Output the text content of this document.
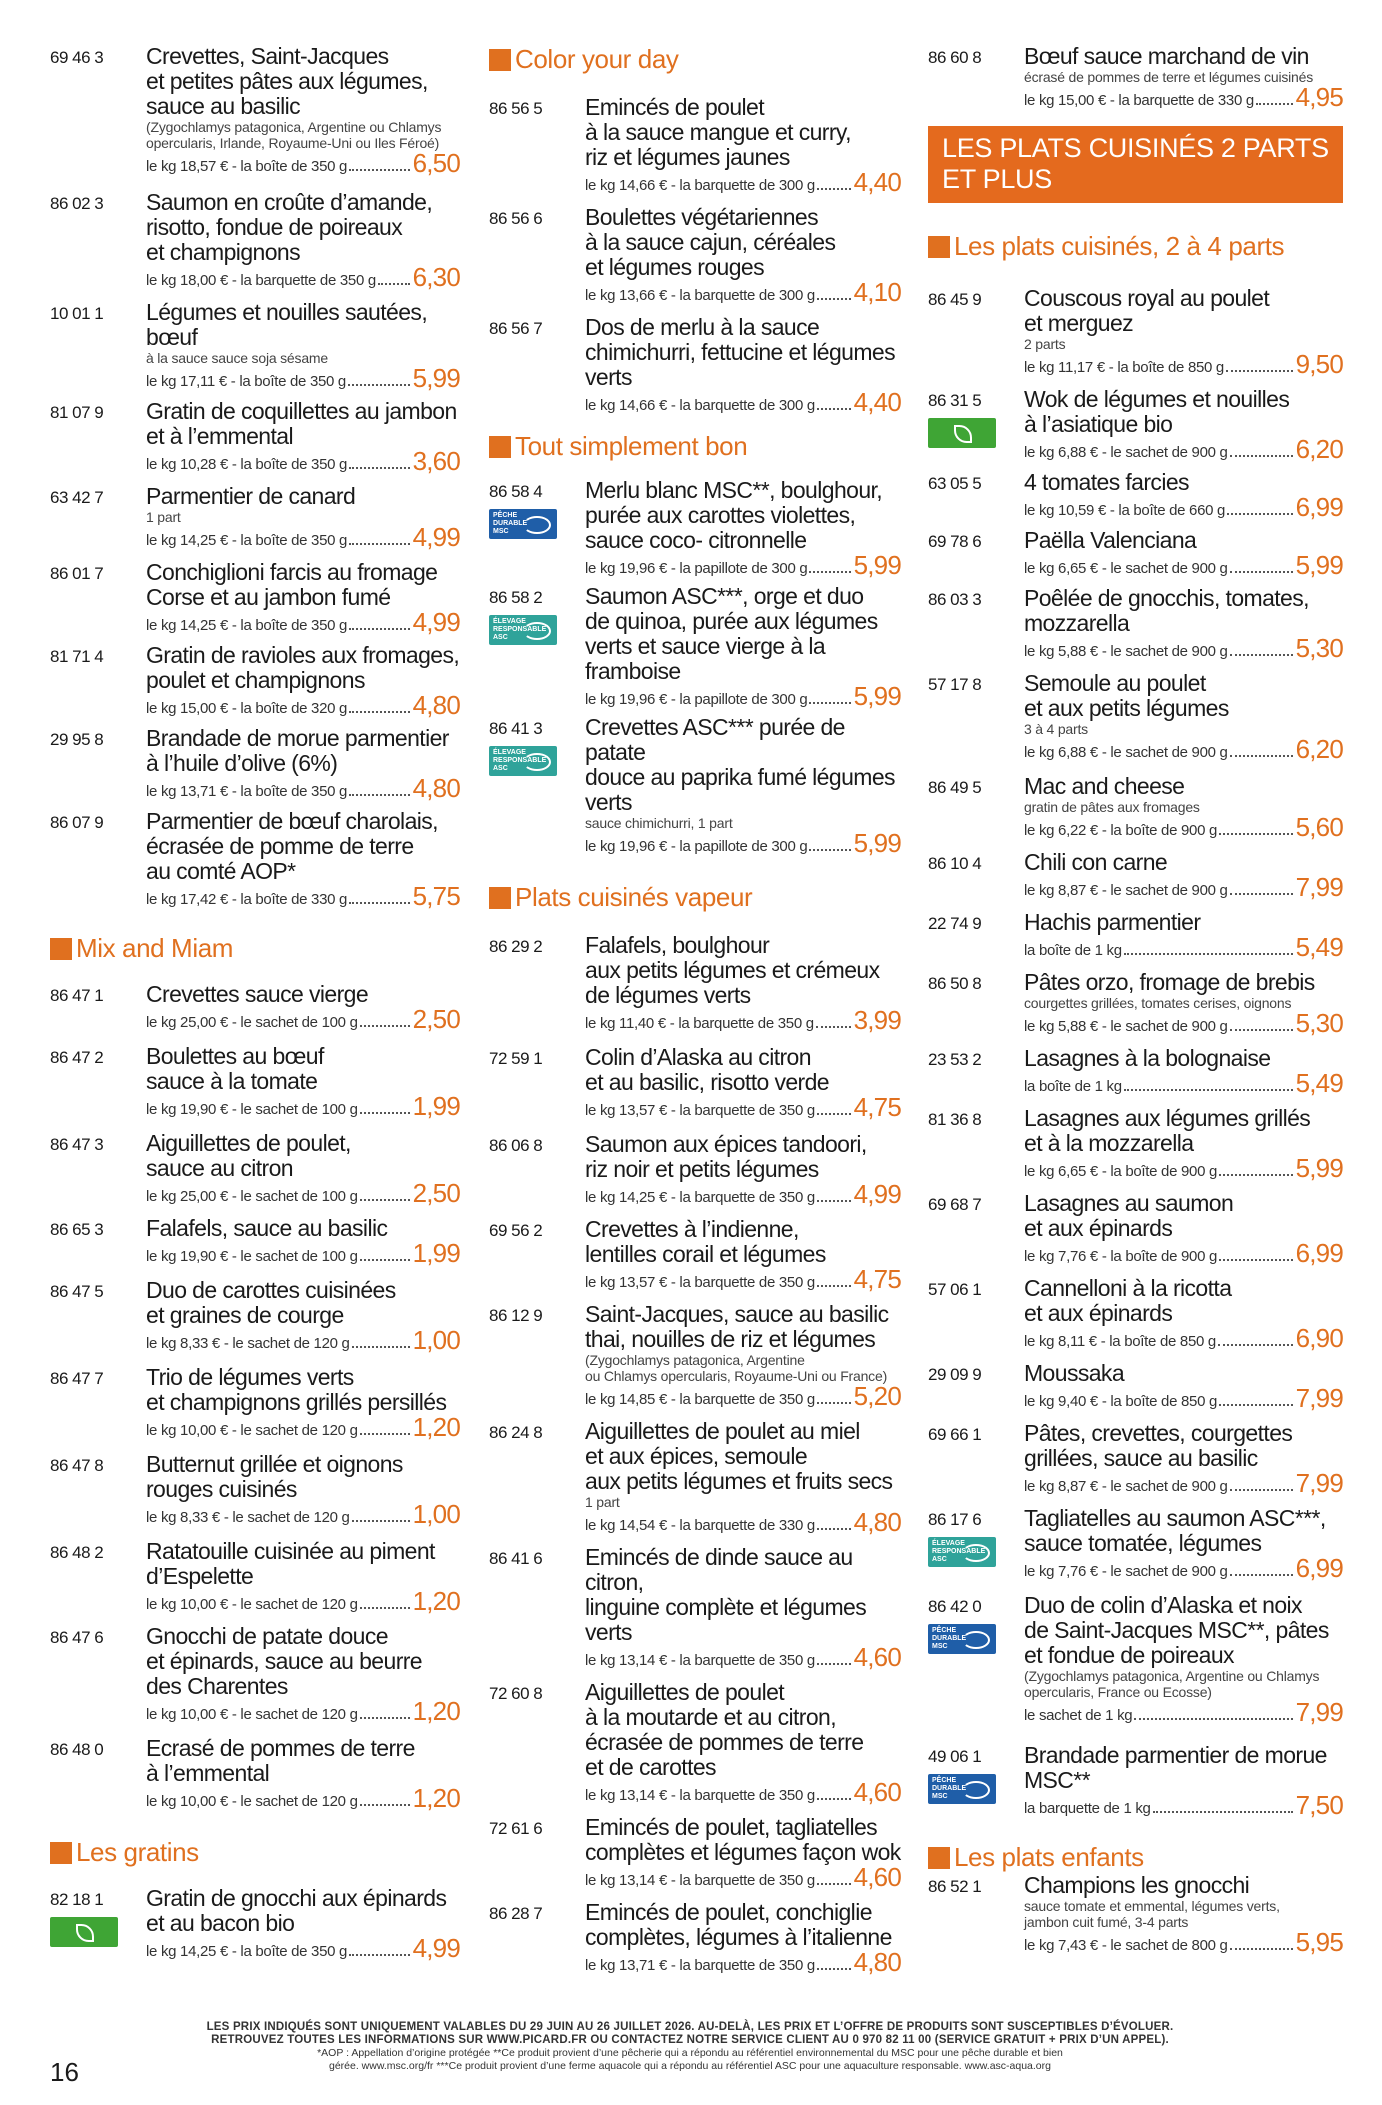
69 46 3	Crevettes, Saint-Jacques
et petites pâtes aux légumes,
sauce au basilic
(Zygochlamys patagonica, Argentine ou Chlamys
opercularis, Irlande, Royaume-Uni ou Iles Féroé)
le kg 18,57 € - la boîte de 350 g	6,50
86 02 3	Saumon en croûte d’amande,
risotto, fondue de poireaux
et champignons
le kg 18,00 € - la barquette de 350 g 6,30
10 01 1	Légumes et nouilles sautées, bœuf
à la sauce sauce soja sésame
le kg 17,11 € - la boîte de 350 g	5,99
81 07 9	Gratin de coquillettes au jambon
et à l’emmental
le kg 10,28 € - la boîte de 350 g	3,60
63 42 7	Parmentier de canard
1 part
le kg 14,25 € - la boîte de 350 g	4,99
86 01 7	Conchiglioni farcis au fromage
Corse et au jambon fumé
le kg 14,25 € - la boîte de 350 g	4,99
81 71 4	Gratin de ravioles aux fromages,
poulet et champignons
le kg 15,00 € - la boîte de 320 g	4,80
29 95 8	Brandade de morue parmentier
à l’huile d’olive (6%)
le kg 13,71 € - la boîte de 350 g	4,80
86 07 9	Parmentier de bœuf charolais,
écrasée de pomme de terre
au comté AOP*
le kg 17,42 € - la boîte de 330 g	5,75
Mix and Miam
86 47 1	Crevettes sauce vierge
le kg 25,00 € - le sachet de 100 g 2,50
86 47 2	Boulettes au bœuf
sauce à la tomate
le kg 19,90 € - le sachet de 100 g 1,99
86 47 3	Aiguillettes de poulet,
sauce au citron
le kg 25,00 € - le sachet de 100 g 2,50
86 65 3	Falafels, sauce au basilic
le kg 19,90 € - le sachet de 100 g 1,99
86 47 5	Duo de carottes cuisinées
et graines de courge
le kg 8,33 € - le sachet de 120 g 1,00
86 47 7	Trio de légumes verts
et champignons grillés persillés
le kg 10,00 € - le sachet de 120 g 1,20
86 47 8	Butternut grillée et oignons
rouges cuisinés
le kg 8,33 € - le sachet de 120 g 1,00
86 48 2	Ratatouille cuisinée au piment
d’Espelette
le kg 10,00 € - le sachet de 120 g 1,20
86 47 6	Gnocchi de patate douce
et épinards, sauce au beurre
des Charentes
le kg 10,00 € - le sachet de 120 g 1,20
86 48 0	Ecrasé de pommes de terre
à l’emmental
le kg 10,00 € - le sachet de 120 g 1,20
Les gratins
82 18 1	Gratin de gnocchi aux épinards
et au bacon bio
le kg 14,25 € - la boîte de 350 g	4,99
Color your day
86 56 5	Emincés de poulet
à la sauce mangue et curry,
riz et légumes jaunes
le kg 14,66 € - la barquette de 300 g 4,40
86 56 6	Boulettes végétariennes
à la sauce cajun, céréales
et légumes rouges
le kg 13,66 € - la barquette de 300 g 4,10
86 56 7	Dos de merlu à la sauce
chimichurri, fettucine et légumes
verts
le kg 14,66 € - la barquette de 300 g 4,40
Tout simplement bon
86 58 4
PÊCHE
DURABLE
MSC
Merlu blanc MSC**, boulghour,
purée aux carottes violettes,
sauce coco- citronnelle
le kg 19,96 € - la papillote de 300 g 5,99
86 58 2
ÉLEVAGE
RESPONSABLE
ASC
Saumon ASC***, orge et duo
de quinoa, purée aux légumes
verts et sauce vierge à la
framboise
le kg 19,96 € - la papillote de 300 g 5,99
86 41 3
ÉLEVAGE
RESPONSABLE
ASC
Crevettes ASC*** purée de patate
douce au paprika fumé légumes
verts
sauce chimichurri, 1 part
le kg 19,96 € - la papillote de 300 g 5,99
Plats cuisinés vapeur
86 29 2	Falafels, boulghour
aux petits légumes et crémeux
de légumes verts
le kg 11,40 € - la barquette de 350 g 3,99
72 59 1	Colin d’Alaska au citron
et au basilic, risotto verde
le kg 13,57 € - la barquette de 350 g 4,75
86 06 8	Saumon aux épices tandoori,
riz noir et petits légumes
le kg 14,25 € - la barquette de 350 g 4,99
69 56 2	Crevettes à l’indienne,
lentilles corail et légumes
le kg 13,57 € - la barquette de 350 g 4,75
86 12 9	Saint-Jacques, sauce au basilic
thai, nouilles de riz et légumes
(Zygochlamys patagonica, Argentine
ou Chlamys opercularis, Royaume-Uni ou France)
le kg 14,85 € - la barquette de 350 g 5,20
86 24 8	Aiguillettes de poulet au miel
et aux épices, semoule
aux petits légumes et fruits secs
1 part
le kg 14,54 € - la barquette de 330 g 4,80
86 41 6	Emincés de dinde sauce au citron,
linguine complète et légumes verts
le kg 13,14 € - la barquette de 350 g 4,60
72 60 8	Aiguillettes de poulet
à la moutarde et au citron,
écrasée de pommes de terre
et de carottes
le kg 13,14 € - la barquette de 350 g 4,60
72 61 6	Emincés de poulet, tagliatelles
complètes et légumes façon wok
le kg 13,14 € - la barquette de 350 g 4,60
86 28 7	Emincés de poulet, conchiglie
complètes, légumes à l’italienne
le kg 13,71 € - la barquette de 350 g 4,80
86 60 8	Bœuf sauce marchand de vin
écrasé de pommes de terre et légumes cuisinés
le kg 15,00 € - la barquette de 330 g 4,95
LES PLATS CUISINÉS 2 PARTS
ET PLUS
Les plats cuisinés, 2 à 4 parts
86 45 9	Couscous royal au poulet
et merguez
2 parts
le kg 11,17 € - la boîte de 850 g	9,50
86 31 5	Wok de légumes et nouilles
à l’asiatique bio
le kg 6,88 € - le sachet de 900 g	6,20
63 05 5	4 tomates farcies
le kg 10,59 € - la boîte de 660 g	6,99
69 78 6	Paëlla Valenciana
le kg 6,65 € - le sachet de 900 g	5,99
86 03 3	Poêlée de gnocchis, tomates,
mozzarella
le kg 5,88 € - le sachet de 900 g	5,30
57 17 8	Semoule au poulet
et aux petits légumes
3 à 4 parts
le kg 6,88 € - le sachet de 900 g	6,20
86 49 5	Mac and cheese
gratin de pâtes aux fromages
le kg 6,22 € - la boîte de 900 g	5,60
86 10 4	Chili con carne
le kg 8,87 € - le sachet de 900 g	7,99
22 74 9	Hachis parmentier
la boîte de 1 kg	5,49
86 50 8	Pâtes orzo, fromage de brebis
courgettes grillées, tomates cerises, oignons
le kg 5,88 € - le sachet de 900 g	5,30
23 53 2	Lasagnes à la bolognaise
la boîte de 1 kg	5,49
81 36 8	Lasagnes aux légumes grillés
et à la mozzarella
le kg 6,65 € - la boîte de 900 g	5,99
69 68 7	Lasagnes au saumon
et aux épinards
le kg 7,76 € - la boîte de 900 g	6,99
57 06 1	Cannelloni à la ricotta
et aux épinards
le kg 8,11 € - la boîte de 850 g	6,90
29 09 9	Moussaka
le kg 9,40 € - la boîte de 850 g	7,99
69 66 1	Pâtes, crevettes, courgettes
grillées, sauce au basilic
le kg 8,87 € - le sachet de 900 g	7,99
86 17 6
ÉLEVAGE
RESPONSABLE
ASC
Tagliatelles au saumon ASC***,
sauce tomatée, légumes
le kg 7,76 € - le sachet de 900 g	6,99
86 42 0
PÊCHE
DURABLE
MSC
Duo de colin d’Alaska et noix
de Saint-Jacques MSC**, pâtes
et fondue de poireaux
(Zygochlamys patagonica, Argentine ou Chlamys
opercularis, France ou Ecosse)
le sachet de 1 kg	7,99
49 06 1
PÊCHE
DURABLE
MSC
Brandade parmentier de morue
MSC**
la barquette de 1 kg	7,50
Les plats enfants
86 52 1	Champions les gnocchi
sauce tomate et emmental, légumes verts,
jambon cuit fumé, 3-4 parts
le kg 7,43 € - le sachet de 800 g	5,95
LES PRIX INDIQUÉS SONT UNIQUEMENT VALABLES DU 29 JUIN AU 26 JUILLET 2026. AU-DELÀ, LES PRIX ET L’OFFRE DE PRODUITS SONT SUSCEPTIBLES D’ÉVOLUER.
RETROUVEZ TOUTES LES INFORMATIONS SUR WWW.PICARD.FR OU CONTACTEZ NOTRE SERVICE CLIENT AU 0 970 82 11 00 (SERVICE GRATUIT + PRIX D’UN APPEL).
*AOP : Appellation d’origine protégée **Ce produit provient d’une pêcherie qui a répondu au référentiel environnemental du MSC pour une pêche durable et bien
gérée. www.msc.org/fr ***Ce produit provient d’une ferme aquacole qui a répondu au référentiel ASC pour une aquaculture responsable. www.asc-aqua.org
16
